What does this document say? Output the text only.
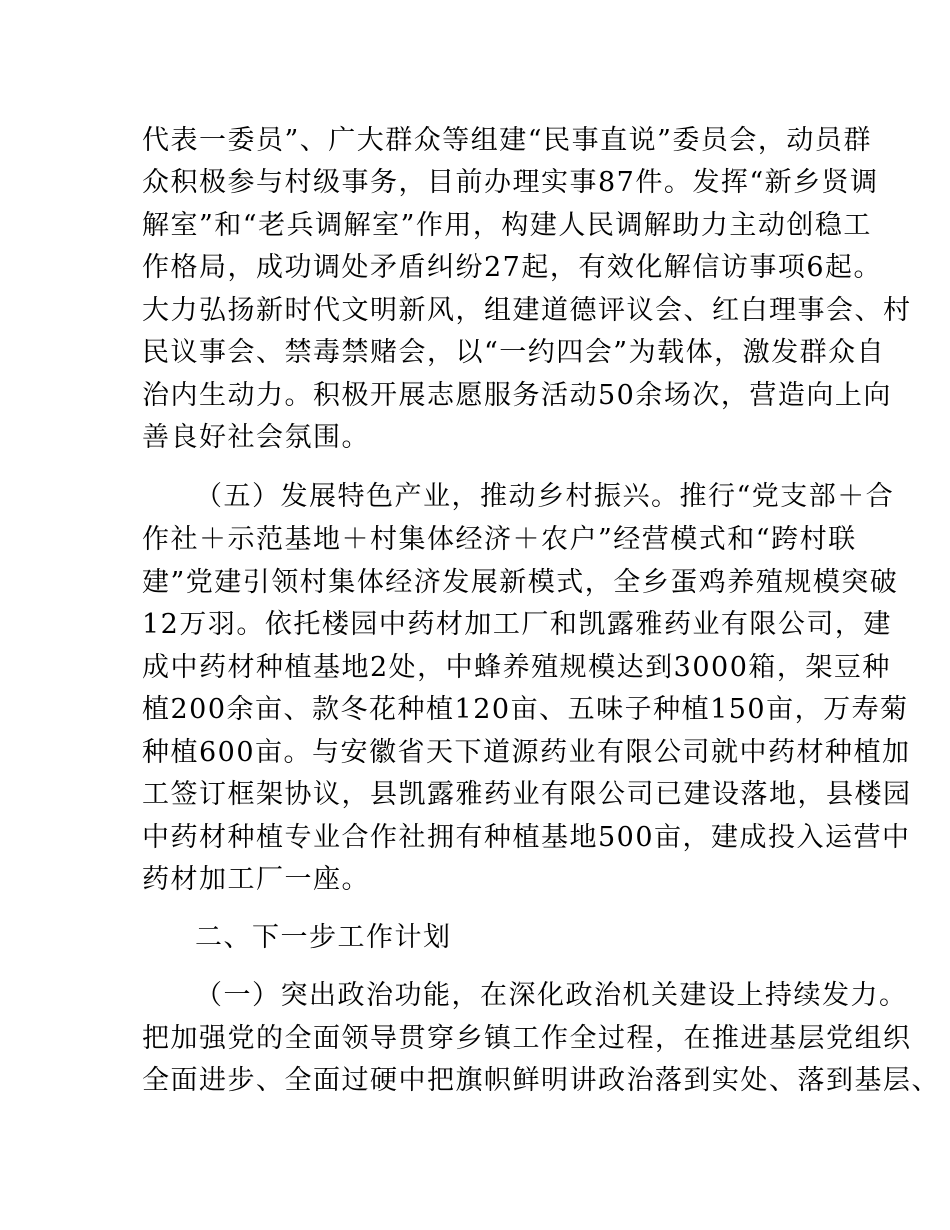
代表一委员”、广大群众等组建“民事直说”委员会，动员群
众积极参与村级事务，目前办理实事87件。发挥“新乡贤调
解室”和“老兵调解室”作用，构建人民调解助力主动创稳工
作格局，成功调处矛盾纠纷27起，有效化解信访事项6起。
大力弘扬新时代文明新风，组建道德评议会、红白理事会、村
民议事会、禁毒禁赌会，以“一约四会”为载体，激发群众自
治内生动力。积极开展志愿服务活动50余场次，营造向上向
善良好社会氛围。
（五）发展特色产业，推动乡村振兴。推行“党支部＋合
作社＋示范基地＋村集体经济＋农户”经营模式和“跨村联
建”党建引领村集体经济发展新模式，全乡蛋鸡养殖规模突破
12万羽。依托楼园中药材加工厂和凯露雅药业有限公司，建
成中药材种植基地2处，中蜂养殖规模达到3000箱，架豆种
植200余亩、款冬花种植120亩、五味子种植150亩，万寿菊
种植600亩。与安徽省天下道源药业有限公司就中药材种植加
工签订框架协议，县凯露雅药业有限公司已建设落地，县楼园
中药材种植专业合作社拥有种植基地500亩，建成投入运营中
药材加工厂一座。
二、下一步工作计划
（一）突出政治功能，在深化政治机关建设上持续发力。
把加强党的全面领导贯穿乡镇工作全过程，在推进基层党组织
全面进步、全面过硬中把旗帜鲜明讲政治落到实处、落到基层、
